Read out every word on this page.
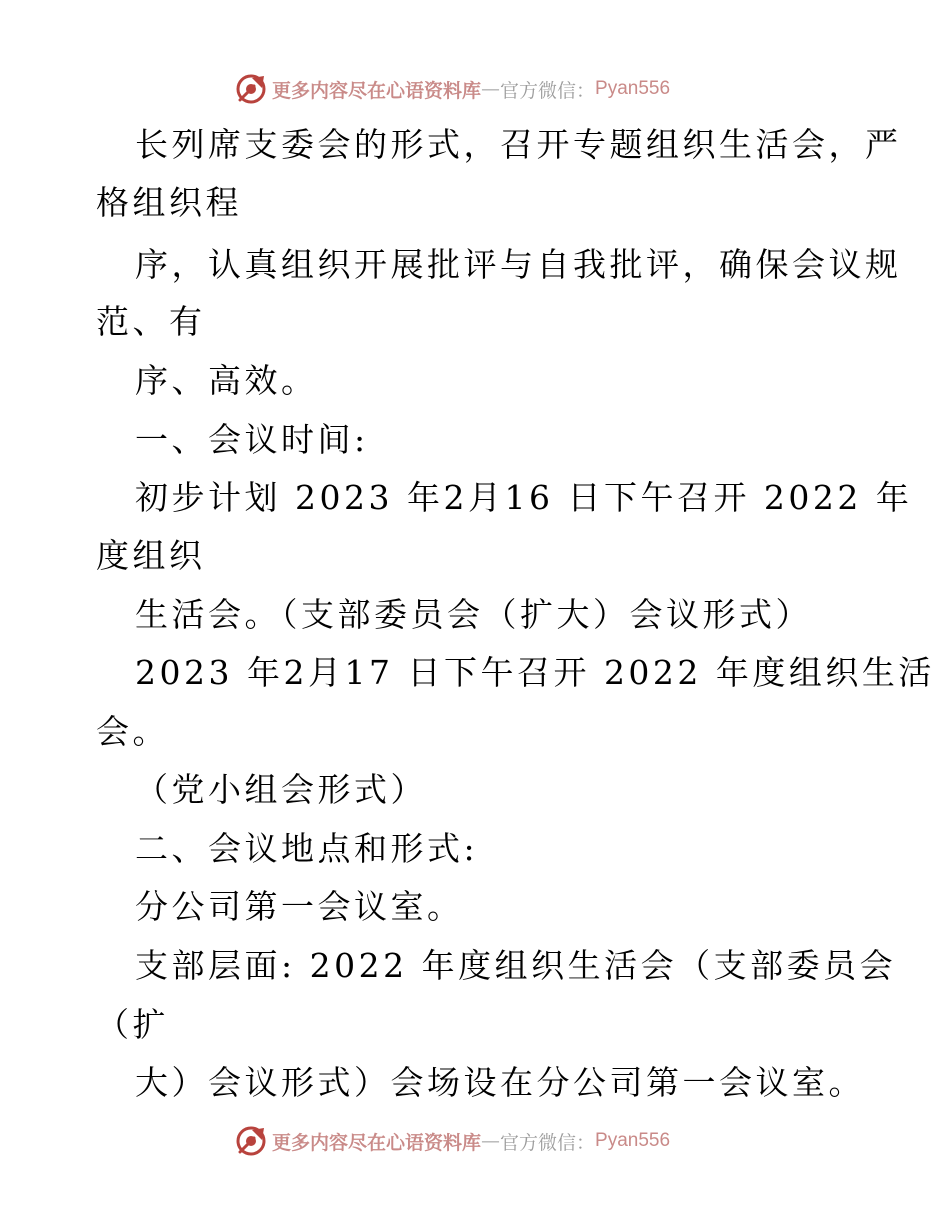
更多内容尽在心语资料库 — 官方微信： Pyan556
长列席支委会的形式，召开专题组织生活会，严
格组织程
序，认真组织开展批评与自我批评，确保会议规
范、有
序、高效。
一、会议时间:
初步计划 2023 年2月16 日下午召开 2022 年
度组织
生活会。（支部委员会（扩大）会议形式）
2023 年2月17 日下午召开 2022 年度组织生活
会。
（党小组会形式）
二、会议地点和形式:
分公司第一会议室。
支部层面: 2022 年度组织生活会（支部委员会
（扩
大）会议形式）会场设在分公司第一会议室。
更多内容尽在心语资料库 — 官方微信： Pyan556
